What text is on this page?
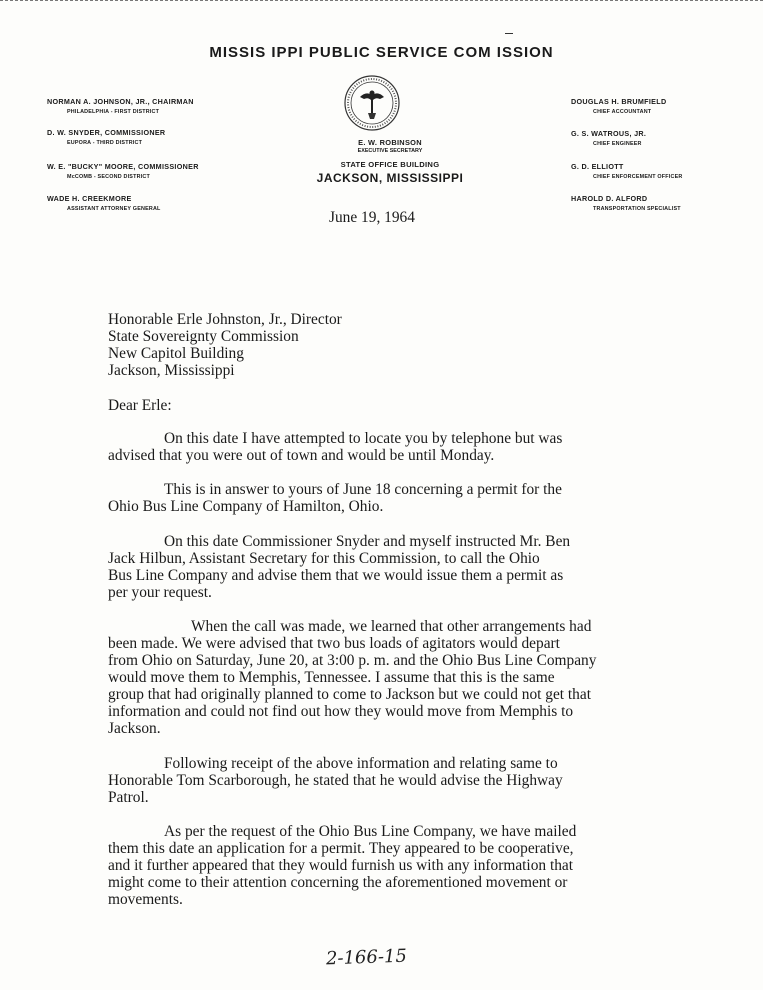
MISSIS IPPI PUBLIC SERVICE COM ISSION
NORMAN A. JOHNSON, JR., CHAIRMAN
PHILADELPHIA - FIRST DISTRICT
D. W. SNYDER, COMMISSIONER
EUPORA - THIRD DISTRICT
W. E. "BUCKY" MOORE, COMMISSIONER
McCOMB - SECOND DISTRICT
WADE H. CREEKMORE
ASSISTANT ATTORNEY GENERAL
DOUGLAS H. BRUMFIELD
CHIEF ACCOUNTANT
G. S. WATROUS, JR.
CHIEF ENGINEER
G. D. ELLIOTT
CHIEF ENFORCEMENT OFFICER
HAROLD D. ALFORD
TRANSPORTATION SPECIALIST
E. W. ROBINSON
EXECUTIVE SECRETARY
STATE OFFICE BUILDING
JACKSON, MISSISSIPPI
June 19, 1964
Honorable Erle Johnston, Jr., Director
State Sovereignty Commission
New Capitol Building
Jackson, Mississippi
Dear Erle:
On this date I have attempted to locate you by telephone but was
advised that you were out of town and would be until Monday.
This is in answer to yours of June 18 concerning a permit for the
Ohio Bus Line Company of Hamilton, Ohio.
On this date Commissioner Snyder and myself instructed Mr. Ben
Jack Hilbun, Assistant Secretary for this Commission, to call the Ohio
Bus Line Company and advise them that we would issue them a permit as
per your request.
When the call was made, we learned that other arrangements had
been made. We were advised that two bus loads of agitators would depart
from Ohio on Saturday, June 20, at 3:00 p. m. and the Ohio Bus Line Company
would move them to Memphis, Tennessee. I assume that this is the same
group that had originally planned to come to Jackson but we could not get that
information and could not find out how they would move from Memphis to
Jackson.
Following receipt of the above information and relating same to
Honorable Tom Scarborough, he stated that he would advise the Highway
Patrol.
As per the request of the Ohio Bus Line Company, we have mailed
them this date an application for a permit. They appeared to be cooperative,
and it further appeared that they would furnish us with any information that
might come to their attention concerning the aforementioned movement or
movements.
2-166-15
